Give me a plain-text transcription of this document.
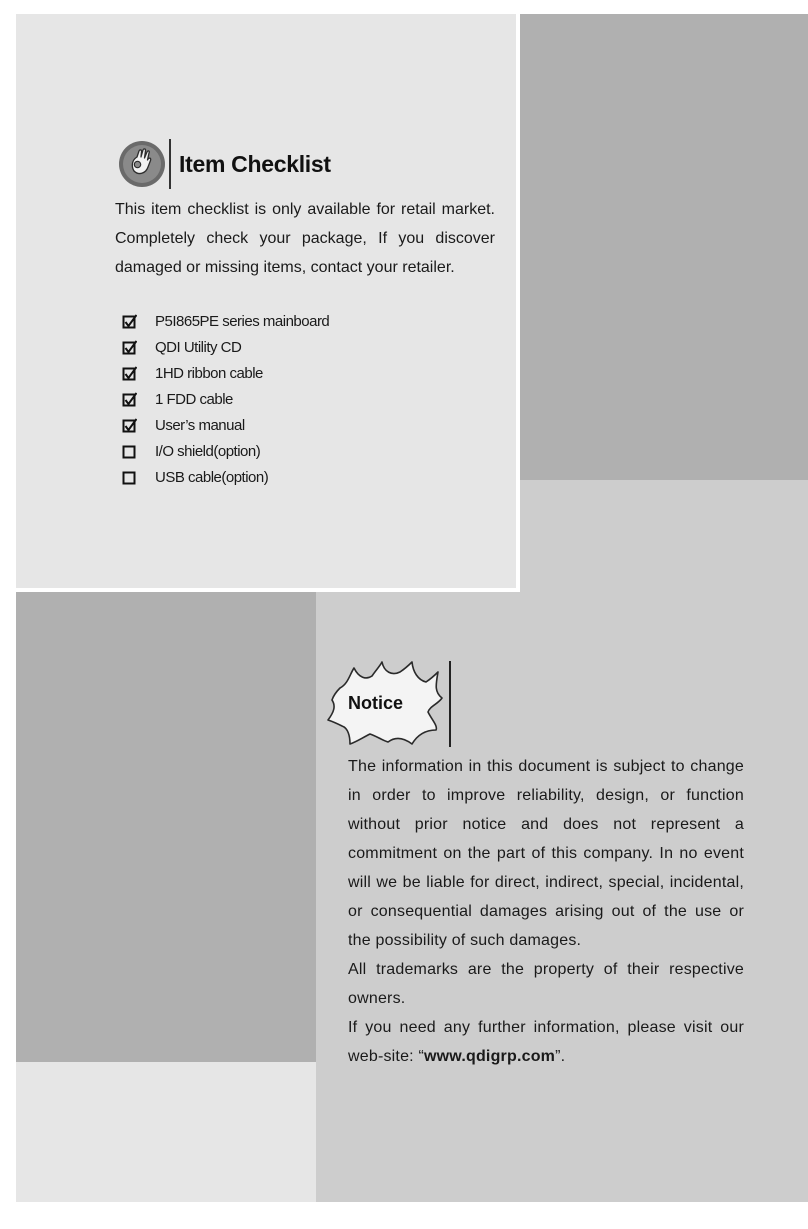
Item Checklist

This item checklist is only available for retail market. Completely check your package, If you discover damaged or missing items, contact your retailer.

P5I865PE series mainboard
QDI Utility CD
1HD ribbon cable
1 FDD cable
User’s manual
I/O shield(option)
USB cable(option)
Notice

The information in this document is subject to change in order to improve reliability, design, or function without prior notice and does not represent a commitment on the part of this company. In no event will we be liable for direct, indirect, special, incidental, or consequential damages arising out of the use or the possibility of such damages.

All trademarks are the property of their respective owners.

If you need any further information, please visit our web-site: “www.qdigrp.com”.
